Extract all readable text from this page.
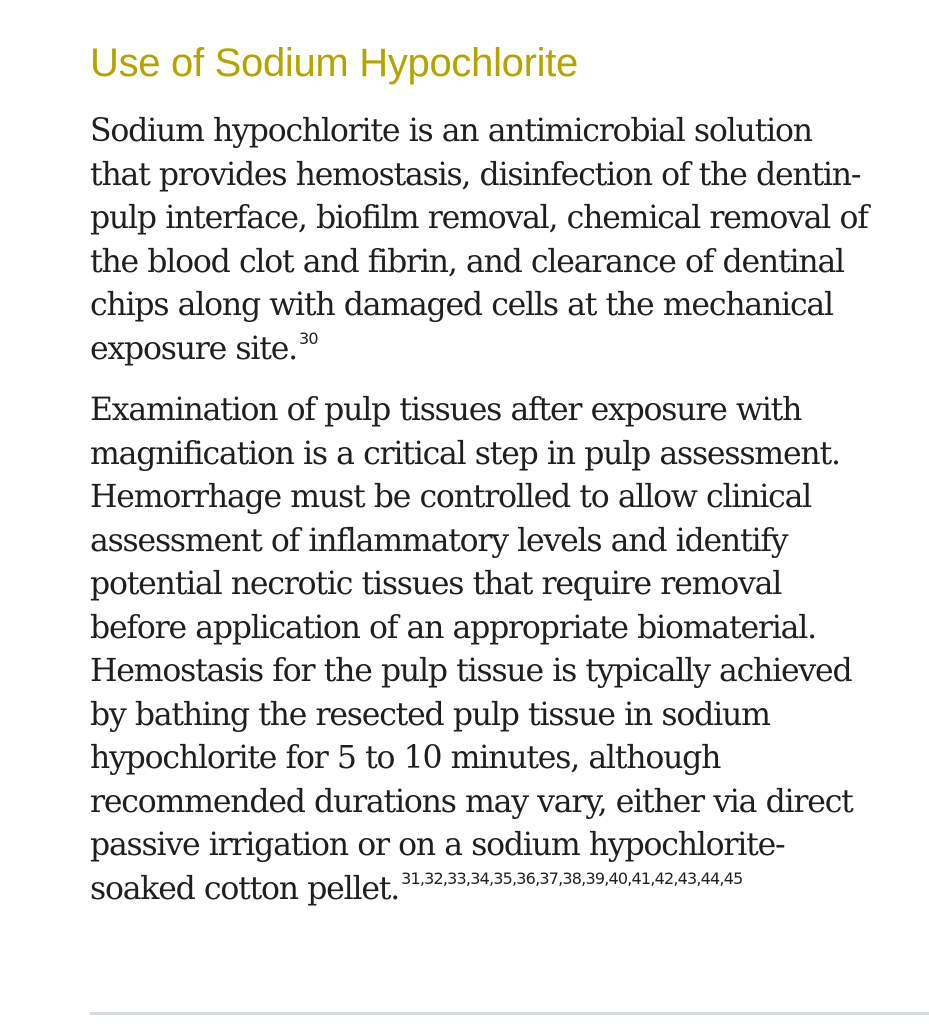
Use of Sodium Hypochlorite

Sodium hypochlorite is an antimicrobial solution
that provides hemostasis, disinfection of the dentin-
pulp interface, biofilm removal, chemical removal of
the blood clot and fibrin, and clearance of dentinal
chips along with damaged cells at the mechanical
exposure site. $^{30}$

Examination of pulp tissues after exposure with
magnification is a critical step in pulp assessment.
Hemorrhage must be controlled to allow clinical
assessment of inflammatory levels and identify
potential necrotic tissues that require removal
before application of an appropriate biomaterial.
Hemostasis for the pulp tissue is typically achieved
by bathing the resected pulp tissue in sodium
hypochlorite for 5 to 10 minutes, although
recommended durations may vary, either via direct
passive irrigation or on a sodium hypochlorite-
soaked cotton pellet. $^{31,32,33,34,35,36,37,38,39,40,41,42,43,44,45}$
